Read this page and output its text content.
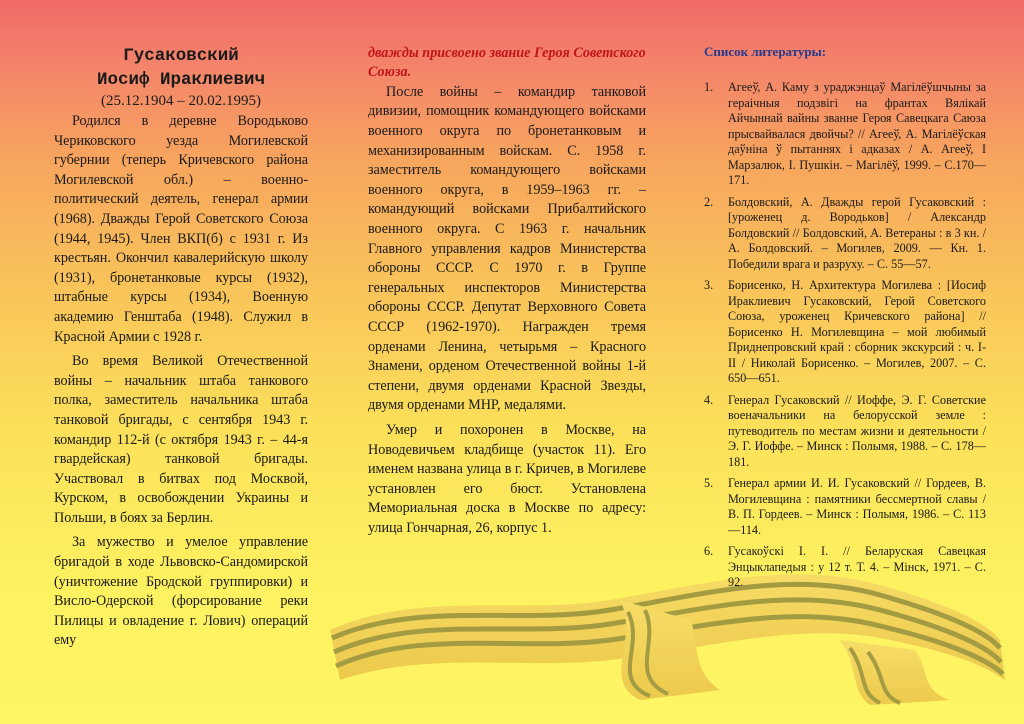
Гусаковский
Иосиф Ираклиевич

(25.12.1904 – 20.02.1995)

Родился в деревне Вородьково Чериковского уезда Могилевской губернии (теперь Кричевского района Могилевской обл.) – военно-политический деятель, генерал армии (1968). Дважды Герой Советского Союза (1944, 1945). Член ВКП(б) с 1931 г. Из крестьян. Окончил кавалерийскую школу (1931), бронетанковые курсы (1932), штабные курсы (1934), Военную академию Генштаба (1948). Служил в Красной Армии с 1928 г.

Во время Великой Отечественной войны – начальник штаба танкового полка, заместитель начальника штаба танковой бригады, с сентября 1943 г. командир 112-й (с октября 1943 г. – 44-я гвардейская) танковой бригады. Участвовал в битвах под Москвой, Курском, в освобождении Украины и Польши, в боях за Берлин.

За мужество и умелое управление бригадой в ходе Львовско-Сандомирской (уничтожение Бродской группировки) и Висло-Одерской (форсирование реки Пилицы и овладение г. Лович) операций ему

дважды присвоено звание Героя Советского Союза.

После войны – командир танковой дивизии, помощник командующего войсками военного округа по бронетанковым и механизированным войскам. С. 1958 г. заместитель командующего войсками военного округа, в 1959–1963 гг. – командующий войсками Прибалтийского военного округа. С 1963 г. начальник Главного управления кадров Министерства обороны СССР. С 1970 г. в Группе генеральных инспекторов Министерства обороны СССР. Депутат Верховного Совета СССР (1962-1970). Награжден тремя орденами Ленина, четырьмя – Красного Знамени, орденом Отечественной войны 1-й степени, двумя орденами Красной Звезды, двумя орденами МНР, медалями.

Умер и похоронен в Москве, на Новодевичьем кладбище (участок 11). Его именем названа улица в г. Кричев, в Могилеве установлен его бюст. Установлена Мемориальная доска в Москве по адресу: улица Гончарная, 26, корпус 1.

Список литературы:
1. Агееў, А. Каму з ураджэнцаў Магілёўшчыны за гераічныя подзвігі на франтах Вялікай Айчыннай вайны званне Героя Савецкага Саюза прысвайвалася двойчы? // Агееў, А. Магілёўская даўніна ў пытаннях і адказах / А. Агееў, І Марзалюк, І. Пушкін. – Магілёў, 1999. – С.170—171.
2. Болдовский, А. Дважды герой Гусаковский : [уроженец д. Вородьков] / Александр Болдовский // Болдовский, А. Ветераны : в 3 кн. / А. Болдовский. – Могилев, 2009. — Кн. 1. Победили врага и разруху. – С. 55—57.
3. Борисенко, Н. Архитектура Могилева : [Иосиф Ираклиевич Гусаковский, Герой Советского Союза, уроженец Кричевского района] // Борисенко Н. Могилевщина – мой любимый Приднепровский край : сборник экскурсий : ч. I-II / Николай Борисенко. – Могилев, 2007. – С. 650—651.
4. Генерал Гусаковский // Иоффе, Э. Г. Советские военачальники на белорусской земле : путеводитель по местам жизни и деятельности / Э. Г. Иоффе. – Минск : Полымя, 1988. – С. 178—181.
5. Генерал армии И. И. Гусаковский // Гордеев, В. Могилевщина : памятники бессмертной славы / В. П. Гордеев. – Минск : Полымя, 1986. – С. 113—114.
6. Гусакоўскі І. І. // Беларуская Савецкая Энцыклапедыя : у 12 т. Т. 4. – Мінск, 1971. – С. 92.
